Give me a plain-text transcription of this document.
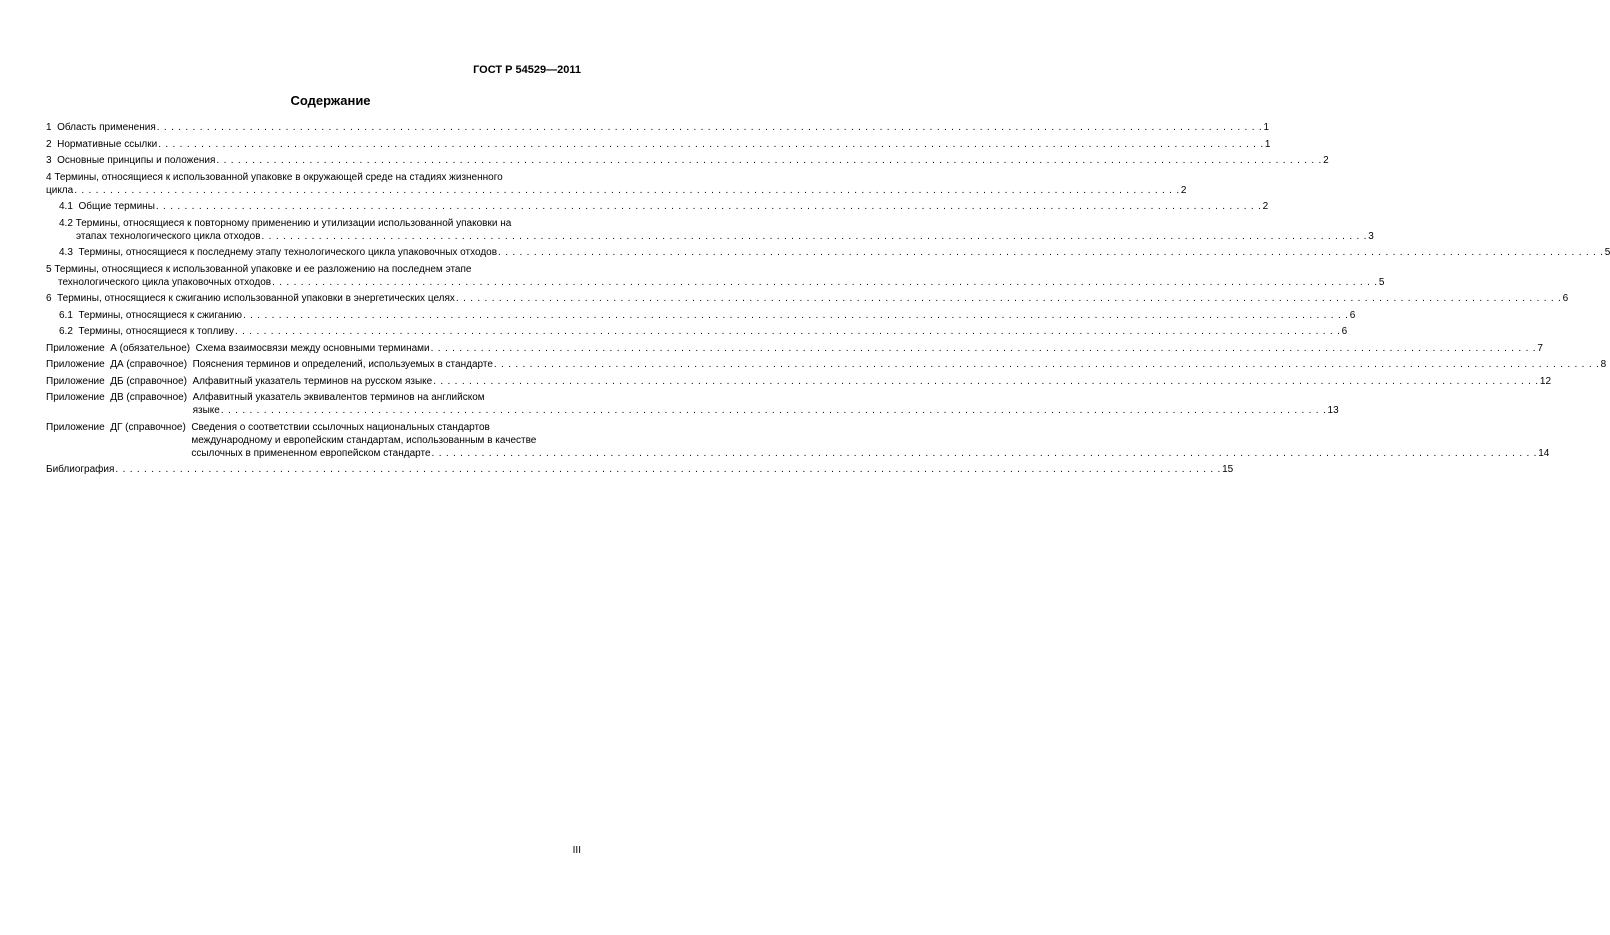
ГОСТ Р 54529—2011
Содержание
1  Область применения . . .	1
2  Нормативные ссылки . . .	1
3  Основные принципы и положения . . .	2
4 Термины, относящиеся к использованной упаковке в окружающей среде на стадиях жизненного
цикла . . .	2
4.1  Общие термины . . .	2
4.2 Термины, относящиеся к повторному применению и утилизации использованной упаковки на
этапах технологического цикла отходов . . .	3
4.3  Термины, относящиеся к последнему этапу технологического цикла упаковочных отходов . . .	5
5 Термины, относящиеся к использованной упаковке и ее разложению на последнем этапе
технологического цикла упаковочных отходов . . .	5
6  Термины, относящиеся к сжиганию использованной упаковки в энергетических целях . . .	6
6.1  Термины, относящиеся к сжиганию . . .	6
6.2  Термины, относящиеся к топливу . . .	6
Приложение  А (обязательное)  Схема взаимосвязи между основными терминами . . .	7
Приложение  ДА (справочное)  Пояснения терминов и определений, используемых в стандарте . . .	8
Приложение  ДБ (справочное)  Алфавитный указатель терминов на русском языке . . .	12
Приложение  ДВ (справочное) Алфавитный указатель эквивалентов терминов на английском
языке . . .	13
Приложение  ДГ (справочное) Сведения о соответствии ссылочных национальных стандартов
международному и европейским стандартам, использованным в качестве
ссылочных в примененном европейском стандарте . . .	14
Библиография . . .	15
III
